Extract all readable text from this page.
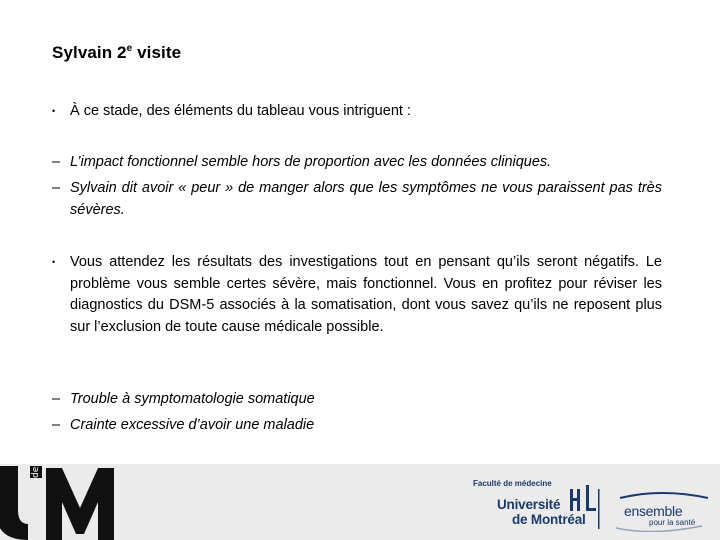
Sylvain 2e visite
• À ce stade, des éléments du tableau vous intriguent :
– L’impact fonctionnel semble hors de proportion avec les données cliniques.
– Sylvain dit avoir « peur » de manger alors que les symptômes ne vous paraissent pas très sévères.
• Vous attendez les résultats des investigations tout en pensant qu’ils seront négatifs. Le problème vous semble certes sévère, mais fonctionnel. Vous en profitez pour réviser les diagnostics du DSM-5 associés à la somatisation, dont vous savez qu’ils ne reposent plus sur l’exclusion de toute cause médicale possible.
– Trouble à symptomatologie somatique
– Crainte excessive d’avoir une maladie
de
Faculté de médecine
Université
de Montréal
ensemble
pour la santé
